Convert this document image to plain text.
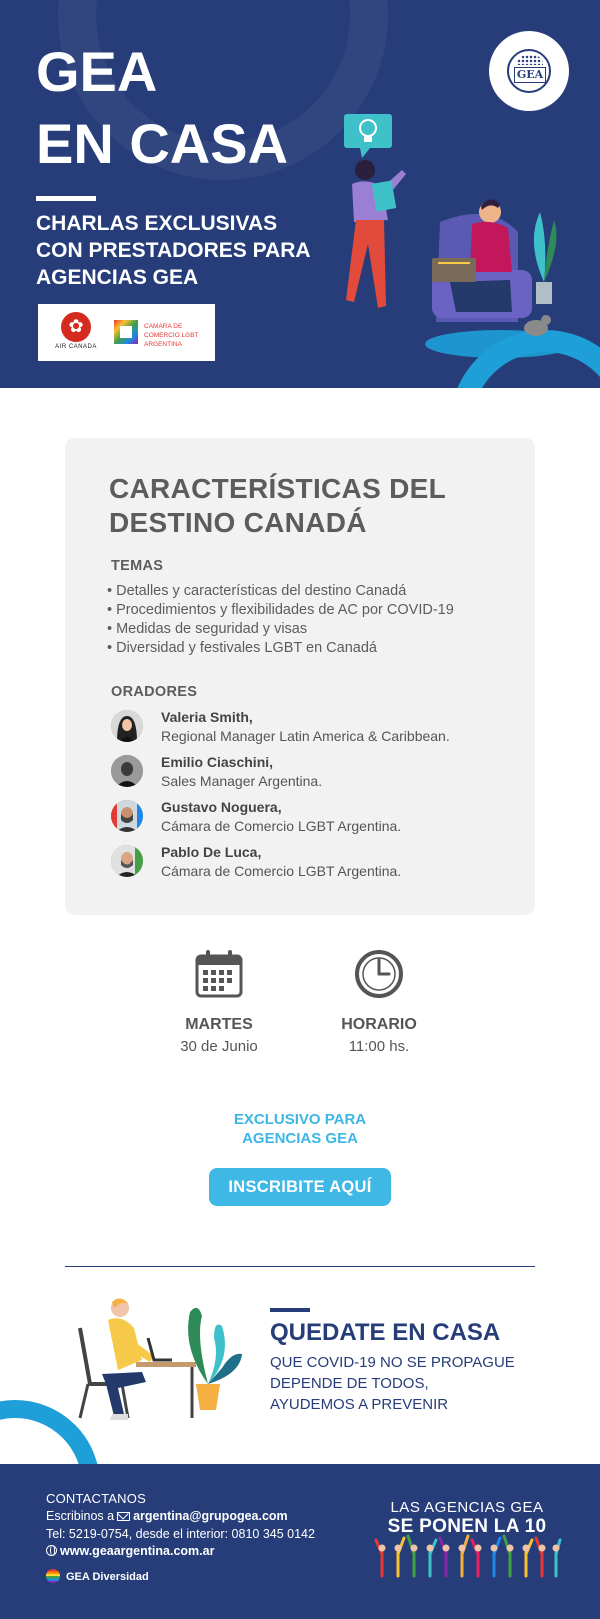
GEA
EN CASA
CHARLAS EXCLUSIVAS
CON PRESTADORES PARA
AGENCIAS GEA
✿
AIR CANADA
CAMARA DE COMERCIO LGBT ARGENTINA
GEA
CARACTERÍSTICAS DEL
DESTINO CANADÁ
TEMAS
• Detalles y características del destino Canadá
• Procedimientos y flexibilidades de AC por COVID-19
• Medidas de seguridad y visas
• Diversidad y festivales LGBT en Canadá
ORADORES
Valeria Smith,
Regional Manager Latin America & Caribbean.
Emilio Ciaschini,
Sales Manager Argentina.
Gustavo Noguera,
Cámara de Comercio LGBT Argentina.
Pablo De Luca,
Cámara de Comercio LGBT Argentina.
MARTES
30 de Junio
HORARIO
11:00 hs.
EXCLUSIVO PARA
AGENCIAS GEA
INSCRIBITE AQUÍ
QUEDATE EN CASA
QUE COVID-19 NO SE PROPAGUE
DEPENDE DE TODOS,
AYUDEMOS A PREVENIR
CONTACTANOS
Escribinos a argentina@grupogea.com
Tel: 5219-0754, desde el interior: 0810 345 0142
www.geaargentina.com.ar
GEA Diversidad
LAS AGENCIAS GEA
SE PONEN LA 10
